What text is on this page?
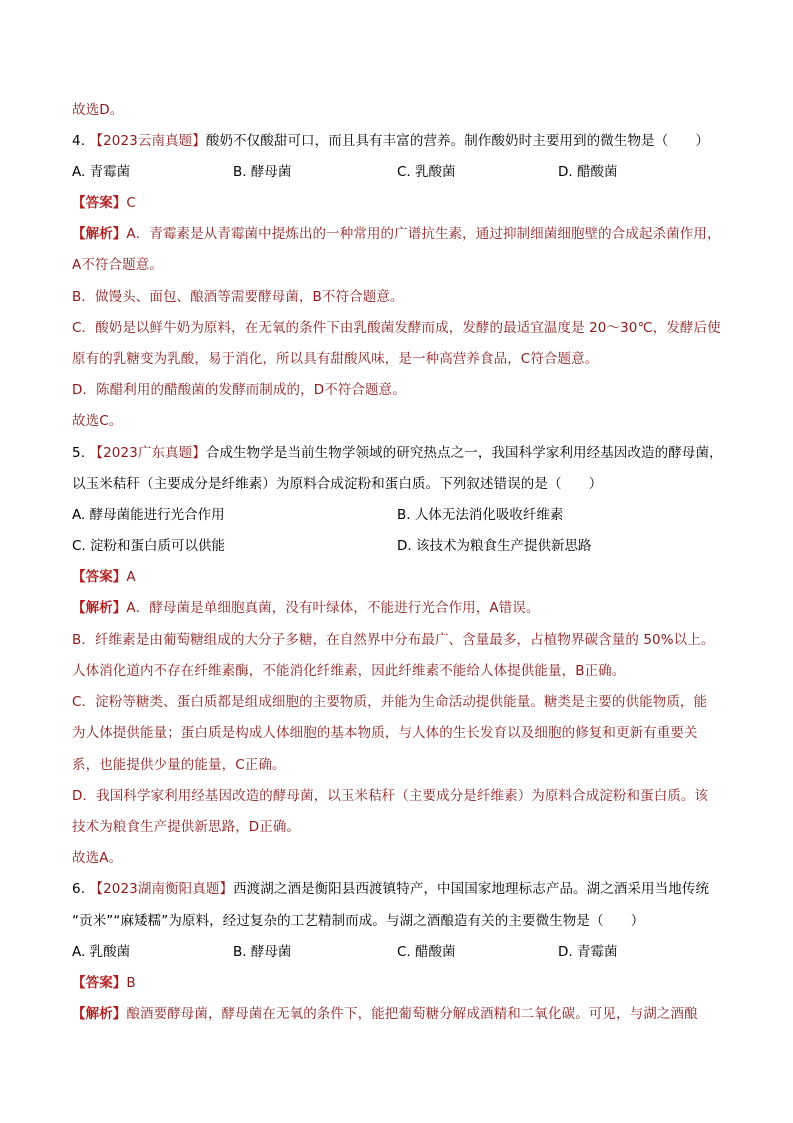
故选D。
4. 【2023云南真题】酸奶不仅酸甜可口，而且具有丰富的营养。制作酸奶时主要用到的微生物是（　　）
A. 青霉菌	B. 酵母菌	C. 乳酸菌	D. 醋酸菌
【答案】C
【解析】A．青霉素是从青霉菌中提炼出的一种常用的广谱抗生素，通过抑制细菌细胞壁的合成起杀菌作用，
A不符合题意。
B．做馒头、面包、酿酒等需要酵母菌，B不符合题意。
C．酸奶是以鲜牛奶为原料，在无氧的条件下由乳酸菌发酵而成，发酵的最适宜温度是 20～30℃，发酵后使
原有的乳糖变为乳酸，易于消化，所以具有甜酸风味，是一种高营养食品，C符合题意。
D．陈醋利用的醋酸菌的发酵而制成的，D不符合题意。
故选C。
5. 【2023广东真题】合成生物学是当前生物学领域的研究热点之一，我国科学家利用经基因改造的酵母菌，
以玉米秸秆（主要成分是纤维素）为原料合成淀粉和蛋白质。下列叙述错误的是（　　）
A. 酵母菌能进行光合作用	B. 人体无法消化吸收纤维素
C. 淀粉和蛋白质可以供能	D. 该技术为粮食生产提供新思路
【答案】A
【解析】A．酵母菌是单细胞真菌，没有叶绿体，不能进行光合作用，A错误。
B．纤维素是由葡萄糖组成的大分子多糖，在自然界中分布最广、含量最多，占植物界碳含量的 50%以上。
人体消化道内不存在纤维素酶，不能消化纤维素，因此纤维素不能给人体提供能量，B正确。
C．淀粉等糖类、蛋白质都是组成细胞的主要物质，并能为生命活动提供能量。糖类是主要的供能物质，能
为人体提供能量；蛋白质是构成人体细胞的基本物质，与人体的生长发育以及细胞的修复和更新有重要关
系，也能提供少量的能量，C正确。
D．我国科学家利用经基因改造的酵母菌，以玉米秸秆（主要成分是纤维素）为原料合成淀粉和蛋白质。该
技术为粮食生产提供新思路，D正确。
故选A。
6. 【2023湖南衡阳真题】西渡湖之酒是衡阳县西渡镇特产，中国国家地理标志产品。湖之酒采用当地传统
“贡米”“麻矮糯”为原料，经过复杂的工艺精制而成。与湖之酒酿造有关的主要微生物是（　　）
A. 乳酸菌	B. 酵母菌	C. 醋酸菌	D. 青霉菌
【答案】B
【解析】酿酒要酵母菌，酵母菌在无氧的条件下，能把葡萄糖分解成酒精和二氧化碳。可见，与湖之酒酿
